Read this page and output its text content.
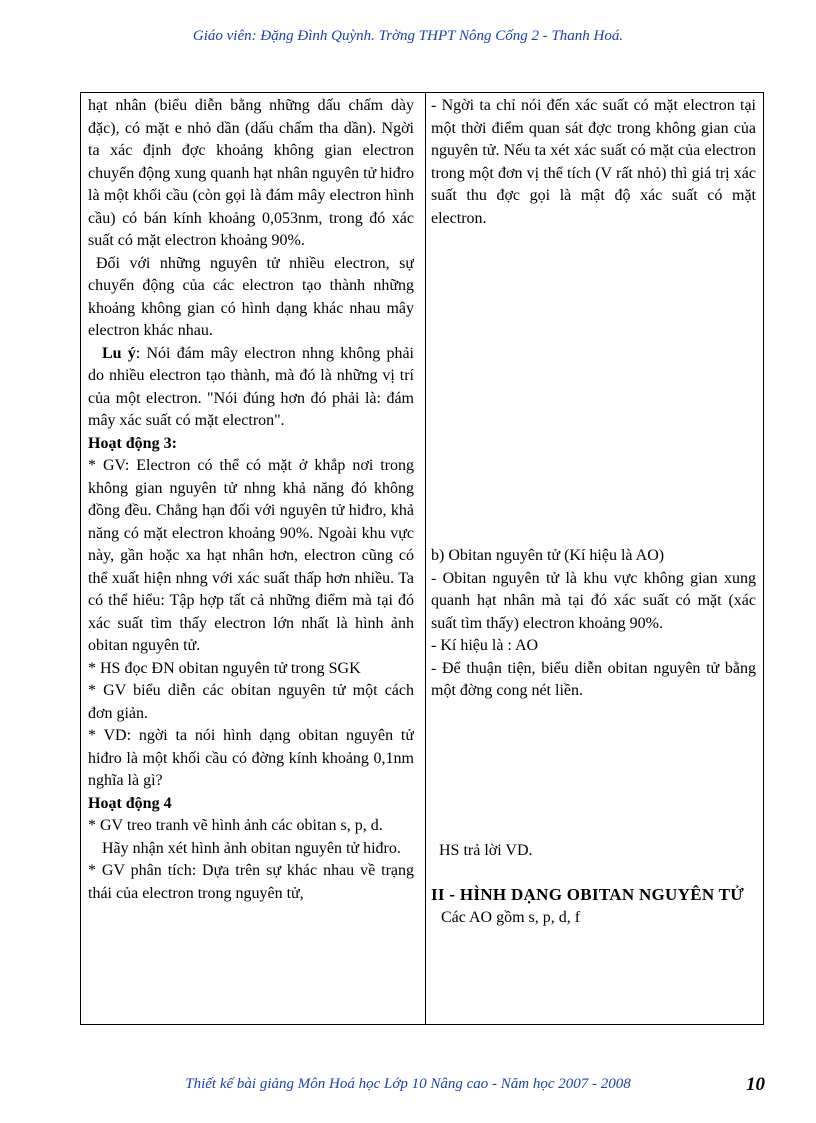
Giáo viên: Đặng Đình Quỳnh. Trờng THPT Nông Cống 2 - Thanh Hoá.
hạt nhân (biểu diễn bằng những dấu chấm dày đặc), có mặt e nhỏ dần (dấu chấm tha dần). Ngời ta xác định đợc khoảng không gian electron chuyển động xung quanh hạt nhân nguyên tử hiđro là một khối cầu (còn gọi là đám mây electron hình cầu) có bán kính khoảng 0,053nm, trong đó xác suất có mặt electron khoảng 90%.
Đối với những nguyên tử nhiều electron, sự chuyển động của các electron tạo thành những khoảng không gian có hình dạng khác nhau mây electron khác nhau.
Lu ý: Nói đám mây electron nhng không phải do nhiều electron tạo thành, mà đó là những vị trí của một electron. "Nói đúng hơn đó phải là: đám mây xác suất có mặt electron".
Hoạt động 3:
* GV: Electron có thể có mặt ở khắp nơi trong không gian nguyên tử nhng khả năng đó không đồng đều. Chẳng hạn đối với nguyên tử hiđro, khả năng có mặt electron khoảng 90%. Ngoài khu vực này, gần hoặc xa hạt nhân hơn, electron cũng có thể xuất hiện nhng với xác suất thấp hơn nhiều. Ta có thể hiểu: Tập hợp tất cả những điểm mà tại đó xác suất tìm thấy electron lớn nhất là hình ảnh obitan nguyên tử.
* HS đọc ĐN obitan nguyên tử trong SGK
* GV biểu diễn các obitan nguyên tử một cách đơn giản.
* VD: ngời ta nói hình dạng obitan nguyên tử hiđro là một khối cầu có đờng kính khoảng 0,1nm nghĩa là gì?
Hoạt động 4
* GV treo tranh vẽ hình ảnh các obitan s, p, d.
Hãy nhận xét hình ảnh obitan nguyên tử hiđro.
* GV phân tích: Dựa trên sự khác nhau về trạng thái của electron trong nguyên tử,
- Ngời ta chỉ nói đến xác suất có mặt electron tại một thời điểm quan sát đợc trong không gian của nguyên tử. Nếu ta xét xác suất có mặt của electron trong một đơn vị thể tích (V rất nhỏ) thì giá trị xác suất thu đợc gọi là mật độ xác suất có mặt electron.
b) Obitan nguyên tử (Kí hiệu là AO)
- Obitan nguyên tử là khu vực không gian xung quanh hạt nhân mà tại đó xác suất có mặt (xác suất tìm thấy) electron khoảng 90%.
- Kí hiệu là : AO
- Để thuận tiện, biểu diễn obitan nguyên tử bằng một đờng cong nét liền.
HS trả lời VD.
II - HÌNH DẠNG OBITAN NGUYÊN TỬ
Các AO gồm s, p, d, f
Thiết kế bài giảng Môn Hoá học Lớp 10 Nâng cao - Năm học 2007 - 2008	10
